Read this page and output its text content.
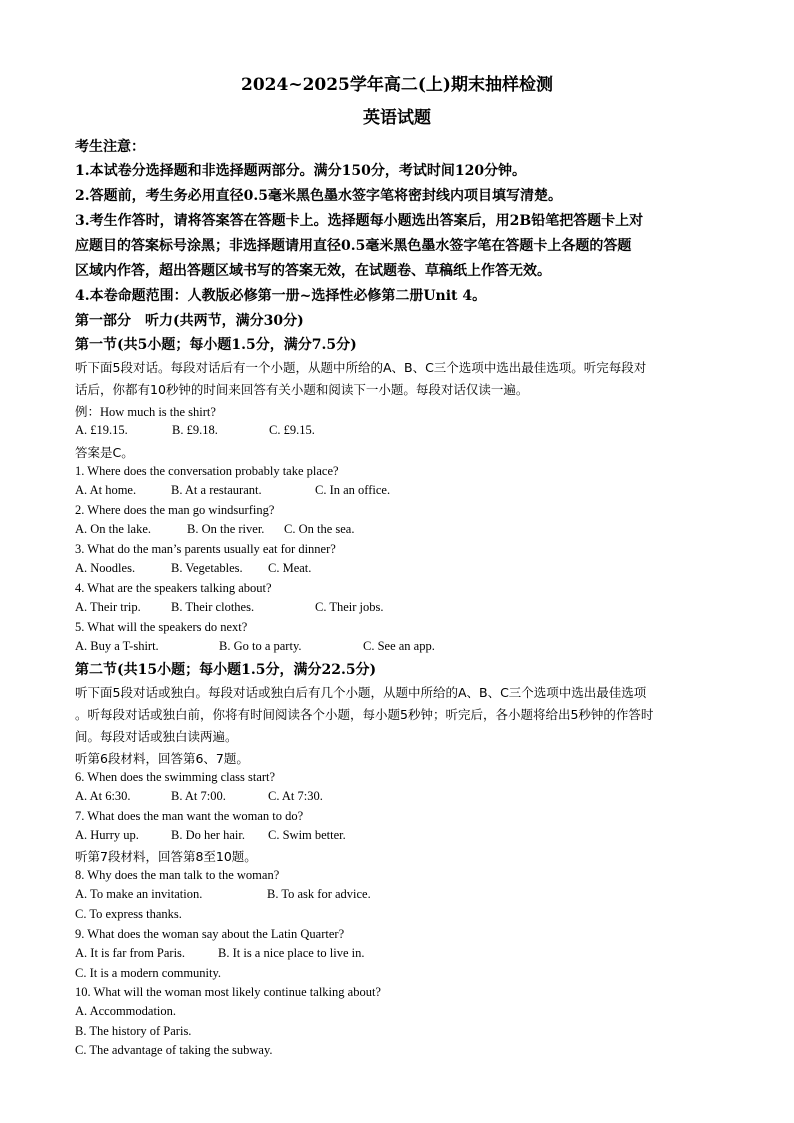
2024~2025学年高二(上)期末抽样检测
英语试题
考生注意：
1.本试卷分选择题和非选择题两部分。满分150分，考试时间120分钟。
2.答题前，考生务必用直径0.5毫米黑色墨水签字笔将密封线内项目填写清楚。
3.考生作答时，请将答案答在答题卡上。选择题每小题选出答案后，用2B铅笔把答题卡上对
应题目的答案标号涂黑；非选择题请用直径0.5毫米黑色墨水签字笔在答题卡上各题的答题
区域内作答，超出答题区域书写的答案无效，在试题卷、草稿纸上作答无效。
4.本卷命题范围：人教版必修第一册~选择性必修第二册Unit 4。
第一部分　听力(共两节，满分30分)
第一节(共5小题；每小题1.5分，满分7.5分)
听下面5段对话。每段对话后有一个小题，从题中所给的A、B、C三个选项中选出最佳选项。听完每段对
话后，你都有10秒钟的时间来回答有关小题和阅读下一小题。每段对话仅读一遍。
例：How much is the shirt?
A. £19.15.	B. £9.18.	C. £9.15.
答案是C。
1. Where does the conversation probably take place?
A. At home.	B. At a restaurant.	C. In an office.
2. Where does the man go windsurfing?
A. On the lake.	B. On the river. C. On the sea.
3. What do the man’s parents usually eat for dinner?
A. Noodles.	B. Vegetables. C. Meat.
4. What are the speakers talking about?
A. Their trip. B. Their clothes.	C. Their jobs.
5. What will the speakers do next?
A. Buy a T-shirt.	B. Go to a party.	C. See an app.
第二节(共15小题；每小题1.5分，满分22.5分)
听下面5段对话或独白。每段对话或独白后有几个小题，从题中所给的A、B、C三个选项中选出最佳选项
。听每段对话或独白前，你将有时间阅读各个小题，每小题5秒钟；听完后，各小题将给出5秒钟的作答时
间。每段对话或独白读两遍。
听第6段材料，回答第6、7题。
6. When does the swimming class start?
A. At 6:30.	B. At 7:00.	C. At 7:30.
7. What does the man want the woman to do?
A. Hurry up.	B. Do her hair. C. Swim better.
听第7段材料，回答第8至10题。
8. Why does the man talk to the woman?
A. To make an invitation.	B. To ask for advice.
C. To express thanks.
9. What does the woman say about the Latin Quarter?
A. It is far from Paris.	B. It is a nice place to live in.
C. It is a modern community.
10. What will the woman most likely continue talking about?
A. Accommodation.
B. The history of Paris.
C. The advantage of taking the subway.
